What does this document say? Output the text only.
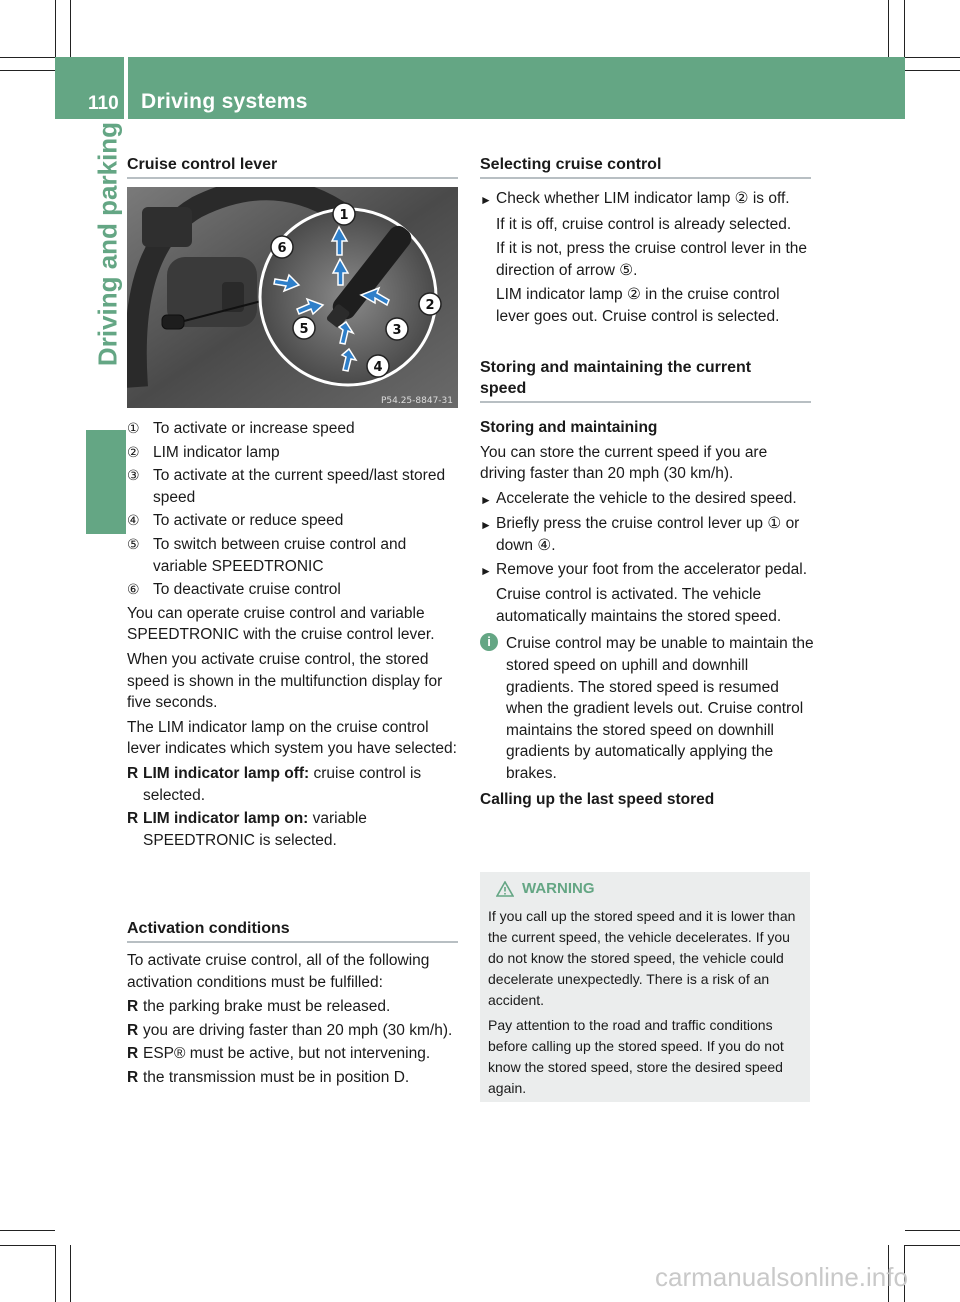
110 Driving systems
Driving and parking Cruise control lever
1
2
3
4
5
6
P54.25-8847-31
① To activate or increase speed
② LIM indicator lamp
③ To activate at the current speed/last stored speed
④ To activate or reduce speed
⑤ To switch between cruise control and variable SPEEDTRONIC
⑥ To deactivate cruise control
You can operate cruise control and variable SPEEDTRONIC with the cruise control lever.
When you activate cruise control, the stored speed is shown in the multifunction display for five seconds.
The LIM indicator lamp on the cruise control lever indicates which system you have selected:
R LIM indicator lamp off: cruise control is selected.
R LIM indicator lamp on: variable SPEEDTRONIC is selected.
Activation conditions
To activate cruise control, all of the following activation conditions must be fulfilled:
R the parking brake must be released.
R you are driving faster than 20 mph (30 km/h).
R ESP® must be active, but not intervening.
R the transmission must be in position D.
Selecting cruise control
► Check whether LIM indicator lamp ② is off.
If it is off, cruise control is already selected.
If it is not, press the cruise control lever in the direction of arrow ⑤.
LIM indicator lamp ② in the cruise control lever goes out. Cruise control is selected.
Storing and maintaining the current speed
Storing and maintaining
You can store the current speed if you are driving faster than 20 mph (30 km/h).
► Accelerate the vehicle to the desired speed.
► Briefly press the cruise control lever up ① or down ④.
► Remove your foot from the accelerator pedal.
Cruise control is activated. The vehicle automatically maintains the stored speed.
i Cruise control may be unable to maintain the stored speed on uphill and downhill gradients. The stored speed is resumed when the gradient levels out. Cruise control maintains the stored speed on downhill gradients by automatically applying the brakes.
Calling up the last speed stored
WARNING
If you call up the stored speed and it is lower than the current speed, the vehicle decelerates. If you do not know the stored speed, the vehicle could decelerate unexpectedly. There is a risk of an accident.
Pay attention to the road and traffic conditions before calling up the stored speed. If you do not know the stored speed, store the desired speed again.
carmanualsonline.info
